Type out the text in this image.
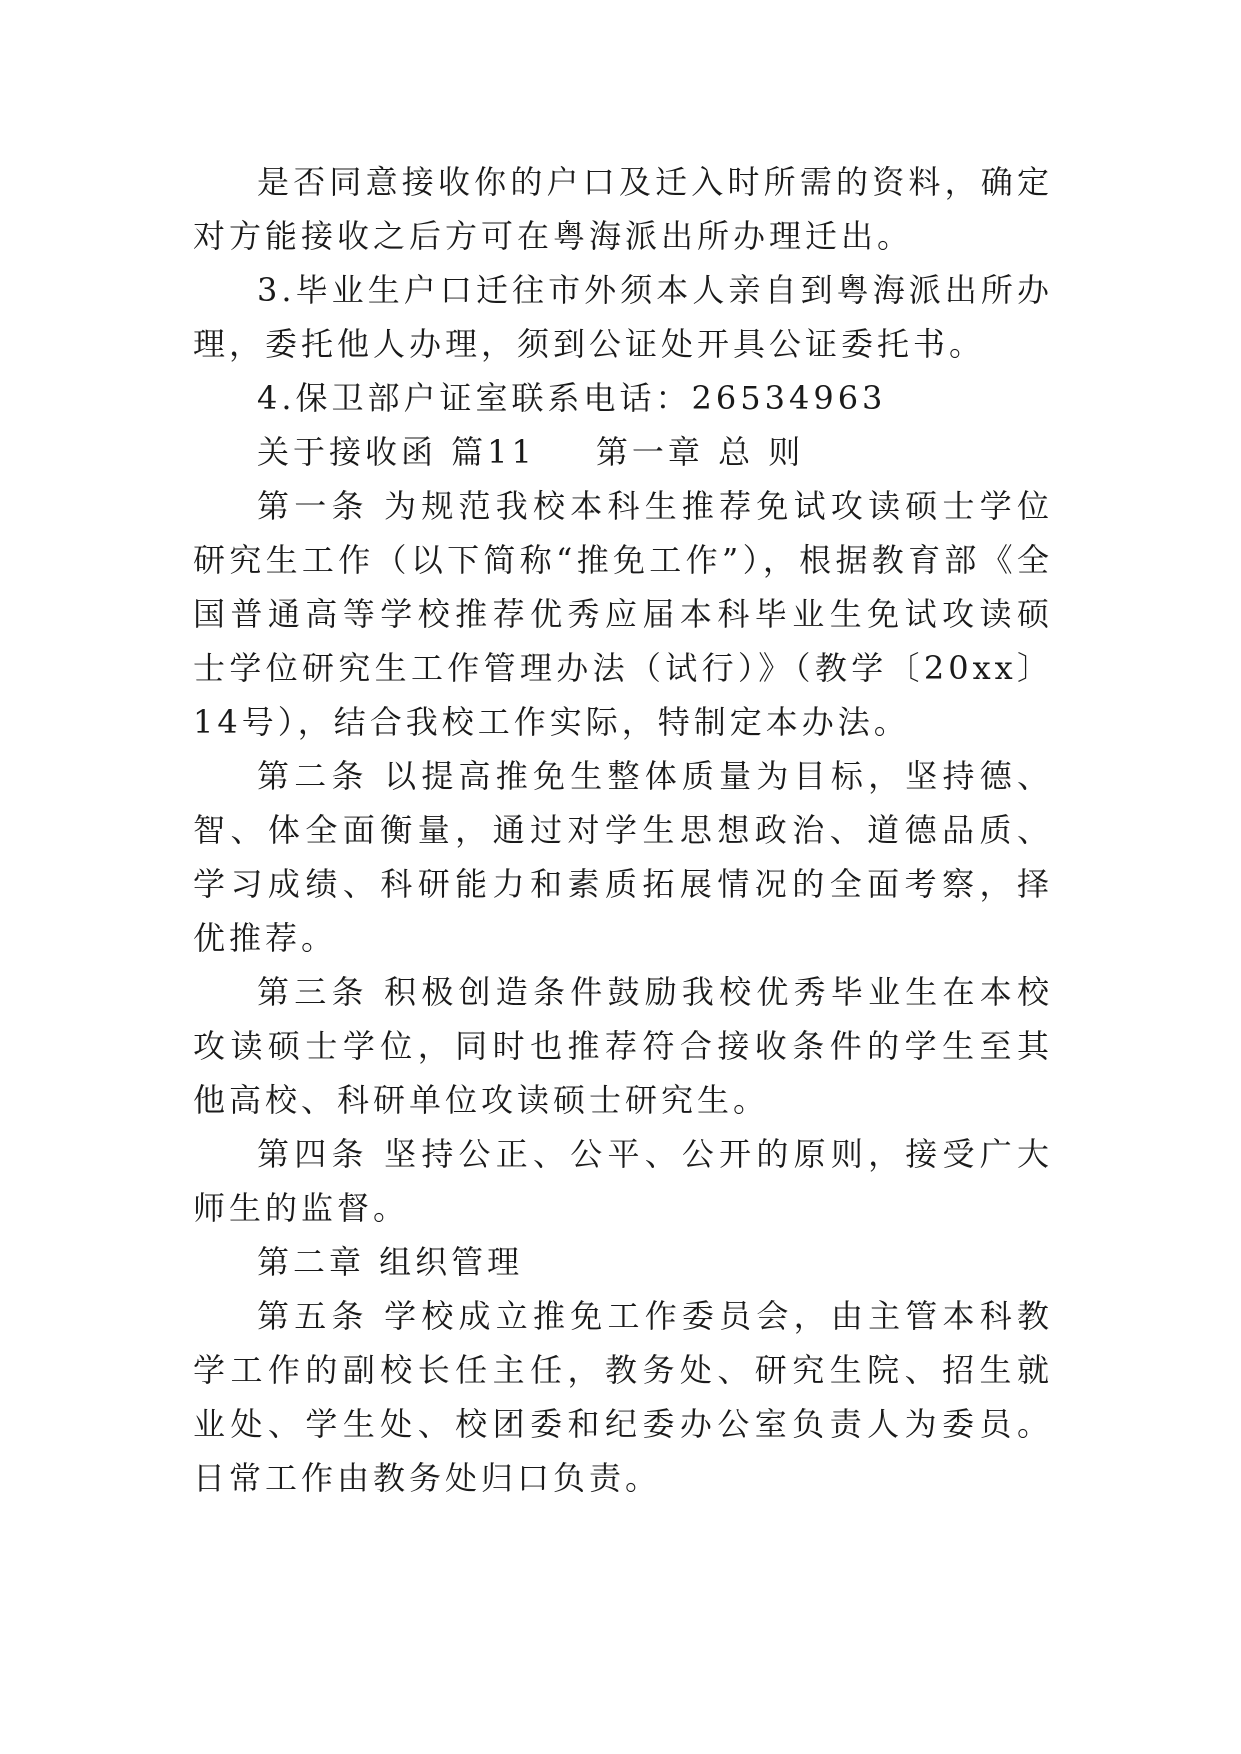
是否同意接收你的户口及迁入时所需的资料，确定对方能接收之后方可在粤海派出所办理迁出。

3.毕业生户口迁往市外须本人亲自到粤海派出所办理，委托他人办理，须到公证处开具公证委托书。

4.保卫部户证室联系电话：26534963

关于接收函 篇11 第一章 总 则

第一条 为规范我校本科生推荐免试攻读硕士学位研究生工作（以下简称“推免工作”），根据教育部《全国普通高等学校推荐优秀应届本科毕业生免试攻读硕士学位研究生工作管理办法（试行）》（教学〔20xx〕14号），结合我校工作实际，特制定本办法。

第二条 以提高推免生整体质量为目标，坚持德、智、体全面衡量，通过对学生思想政治、道德品质、学习成绩、科研能力和素质拓展情况的全面考察，择优推荐。

第三条 积极创造条件鼓励我校优秀毕业生在本校攻读硕士学位，同时也推荐符合接收条件的学生至其他高校、科研单位攻读硕士研究生。

第四条 坚持公正、公平、公开的原则，接受广大师生的监督。

第二章 组织管理

第五条 学校成立推免工作委员会，由主管本科教学工作的副校长任主任，教务处、研究生院、招生就业处、学生处、校团委和纪委办公室负责人为委员。日常工作由教务处归口负责。
